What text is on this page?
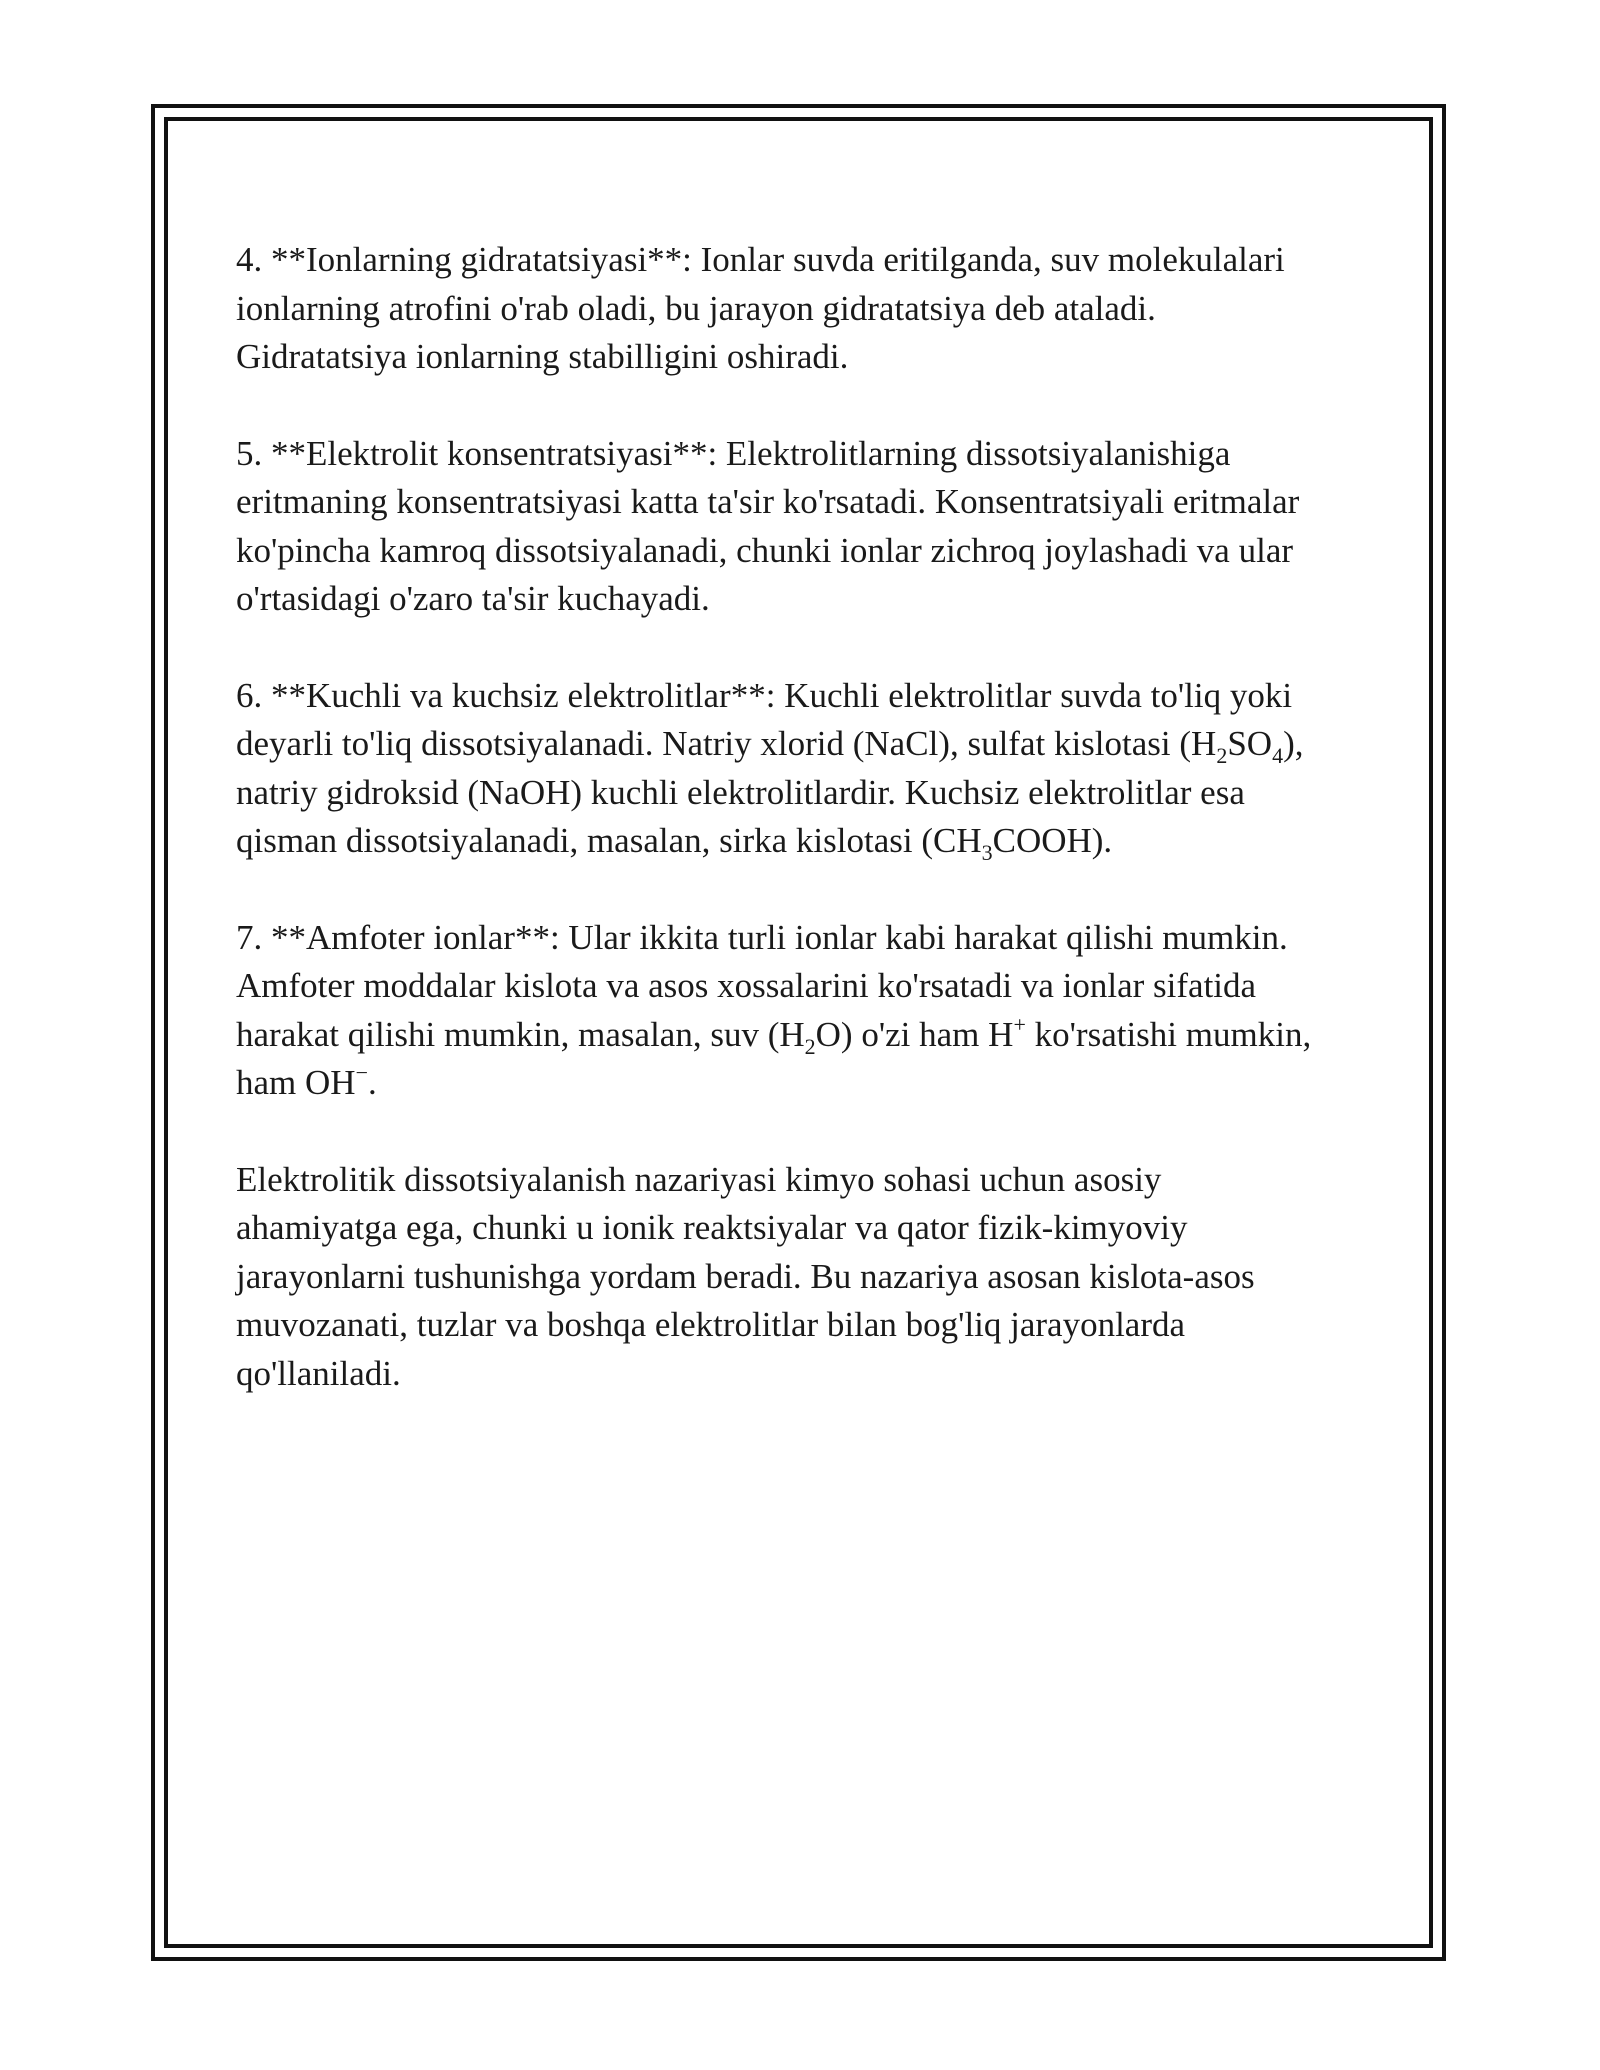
4. **Ionlarning gidratatsiyasi**: Ionlar suvda eritilganda, suv molekulalari
ionlarning atrofini o'rab oladi, bu jarayon gidratatsiya deb ataladi.
Gidratatsiya ionlarning stabilligini oshiradi.

5. **Elektrolit konsentratsiyasi**: Elektrolitlarning dissotsiyalanishiga
eritmaning konsentratsiyasi katta ta'sir ko'rsatadi. Konsentratsiyali eritmalar
ko'pincha kamroq dissotsiyalanadi, chunki ionlar zichroq joylashadi va ular
o'rtasidagi o'zaro ta'sir kuchayadi.

6. **Kuchli va kuchsiz elektrolitlar**: Kuchli elektrolitlar suvda to'liq yoki
deyarli to'liq dissotsiyalanadi. Natriy xlorid (NaCl), sulfat kislotasi $(H_2SO_4)$,
natriy gidroksid (NaOH) kuchli elektrolitlardir. Kuchsiz elektrolitlar esa
qisman dissotsiyalanadi, masalan, sirka kislotasi $(CH_3COOH)$.

7. **Amfoter ionlar**: Ular ikkita turli ionlar kabi harakat qilishi mumkin.
Amfoter moddalar kislota va asos xossalarini ko'rsatadi va ionlar sifatida
harakat qilishi mumkin, masalan, suv $(H_2O)$ o'zi ham H+ ko'rsatishi mumkin,
ham OH−.

Elektrolitik dissotsiyalanish nazariyasi kimyo sohasi uchun asosiy
ahamiyatga ega, chunki u ionik reaktsiyalar va qator fizik-kimyoviy
jarayonlarni tushunishga yordam beradi. Bu nazariya asosan kislota-asos
muvozanati, tuzlar va boshqa elektrolitlar bilan bog'liq jarayonlarda
qo'llaniladi.
